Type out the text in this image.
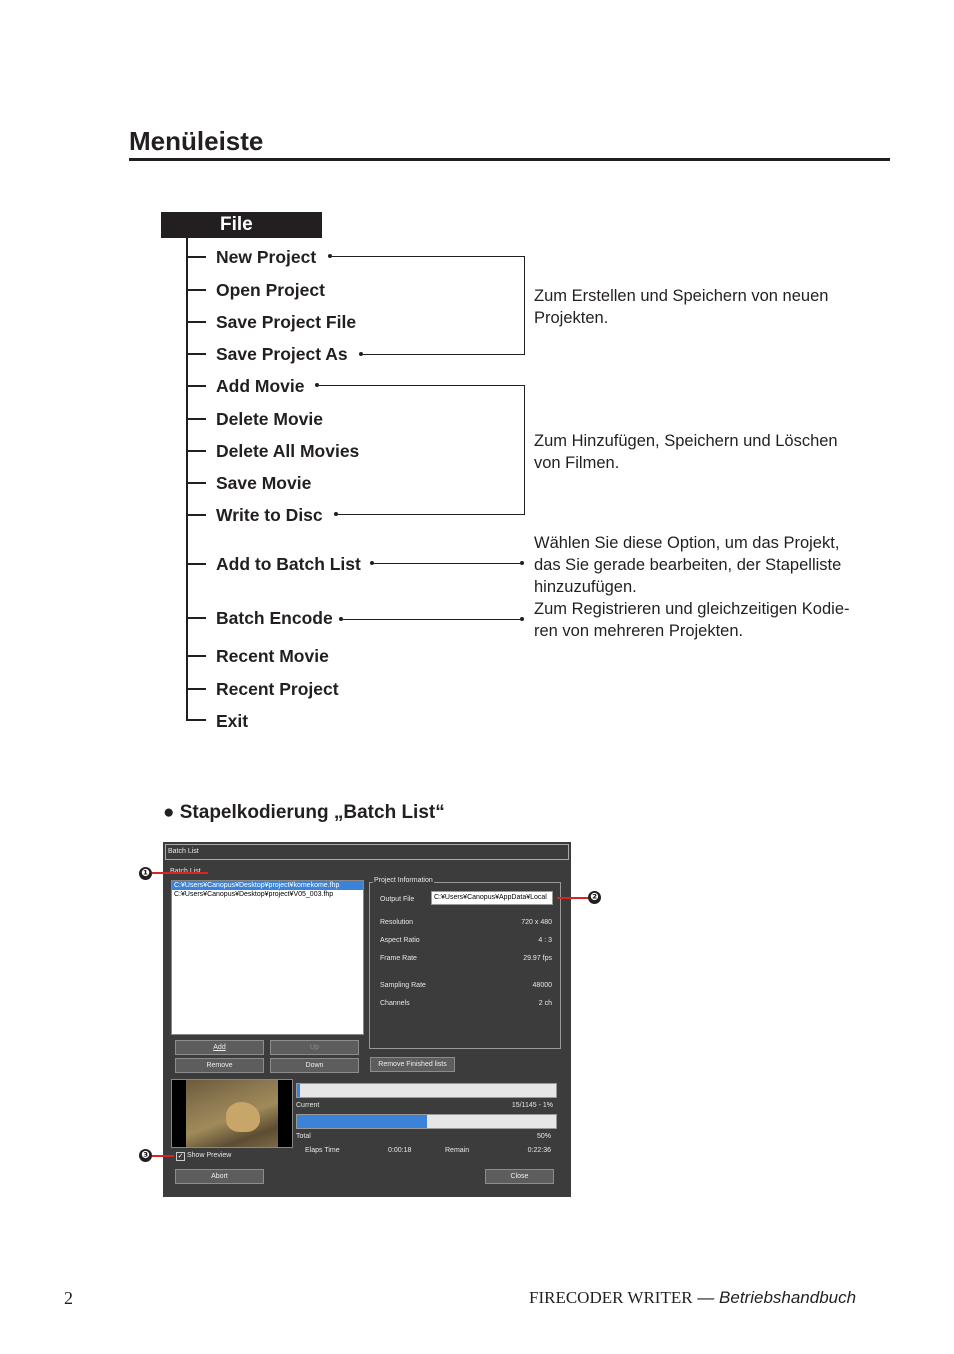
Menüleiste
File
New Project
Open Project
Save Project File
Save Project As
Add Movie
Delete Movie
Delete All Movies
Save Movie
Write to Disc
Add to Batch List
Batch Encode
Recent Movie
Recent Project
Exit
Zum Erstellen und Speichern von neuen
Projekten.
Zum Hinzufügen, Speichern und Löschen
von Filmen.
Wählen Sie diese Option, um das Projekt,
das Sie gerade bearbeiten, der Stapelliste
hinzuzufügen.
Zum Registrieren und gleichzeitigen Kodie-
ren von mehreren Projekten.
● Stapelkodierung „Batch List“
Batch List
C:¥Users¥Canopus¥Desktop¥project¥komekome.fhp
C:¥Users¥Canopus¥Desktop¥project¥V05_003.fhp
Project Information
Output File	C:¥Users¥Canopus¥AppData¥Local
Resolution	720 x 480
Aspect Ratio	4 : 3
Frame Rate	29.97 fps
Sampling Rate	48000
Channels	2 ch
Add	Up
Remove	Down	Remove Finished lists
Current	15/1145 - 1%
Total	50%
Elaps Time	0:00:18	Remain	0:22:36
✓ Show Preview
Abort	Close
❶
❷
❸
2	FIRECODER WRITER — Betriebshandbuch
